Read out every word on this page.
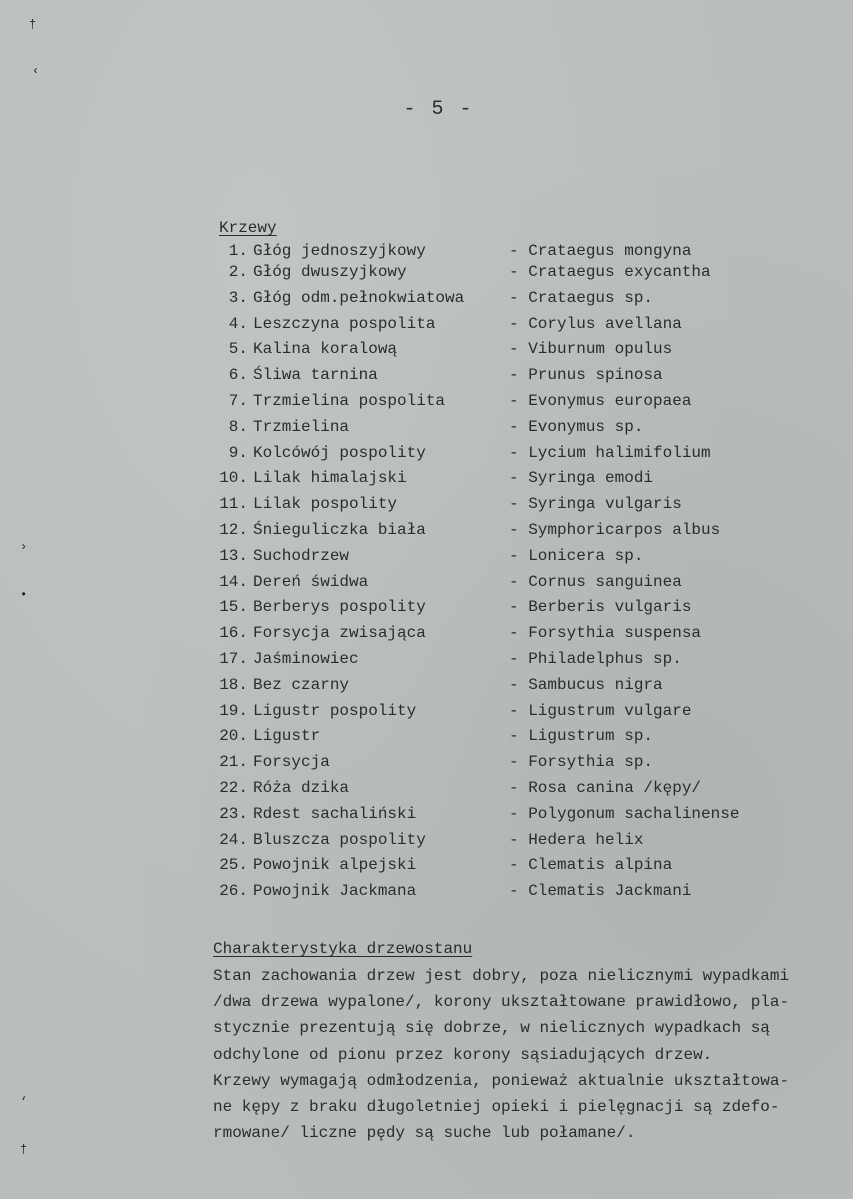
†
‹
›
•
‘
†
- 5 -
Krzewy
1. Głóg jednoszyjkowy	- Crataegus mongyna
2. Głóg dwuszyjkowy	- Crataegus exycantha
3. Głóg odm.pełnokwiatowa	- Crataegus sp.
4. Leszczyna pospolita	- Corylus avellana
5. Kalina koralową	- Viburnum opulus
6. Śliwa tarnina	- Prunus spinosa
7. Trzmielina pospolita	- Evonymus europaea
8. Trzmielina	- Evonymus sp.
9. Kolcówój pospolity	- Lycium halimifolium
10. Lilak himalajski	- Syringa emodi
11. Lilak pospolity	- Syringa vulgaris
12. Śnieguliczka biała	- Symphoricarpos albus
13. Suchodrzew	- Lonicera sp.
14. Dereń świdwa	- Cornus sanguinea
15. Berberys pospolity	- Berberis vulgaris
16. Forsycja zwisająca	- Forsythia suspensa
17. Jaśminowiec	- Philadelphus sp.
18. Bez czarny	- Sambucus nigra
19. Ligustr pospolity	- Ligustrum vulgare
20. Ligustr	- Ligustrum sp.
21. Forsycja	- Forsythia sp.
22. Róża dzika	- Rosa canina /kępy/
23. Rdest sachaliński	- Polygonum sachalinense
24. Bluszcza pospolity	- Hedera helix
25. Powojnik alpejski	- Clematis alpina
26. Powojnik Jackmana	- Clematis Jackmani
Charakterystyka drzewostanu
Stan zachowania drzew jest dobry, poza nielicznymi wypadkami
/dwa drzewa wypalone/, korony ukształtowane prawidłowo, pla-
stycznie prezentują się dobrze, w nielicznych wypadkach są
odchylone od pionu przez korony sąsiadujących drzew.
Krzewy wymagają odmłodzenia, ponieważ aktualnie ukształtowa-
ne kępy z braku długoletniej opieki i pielęgnacji są zdefo-
rmowane/ liczne pędy są suche lub połamane/.
